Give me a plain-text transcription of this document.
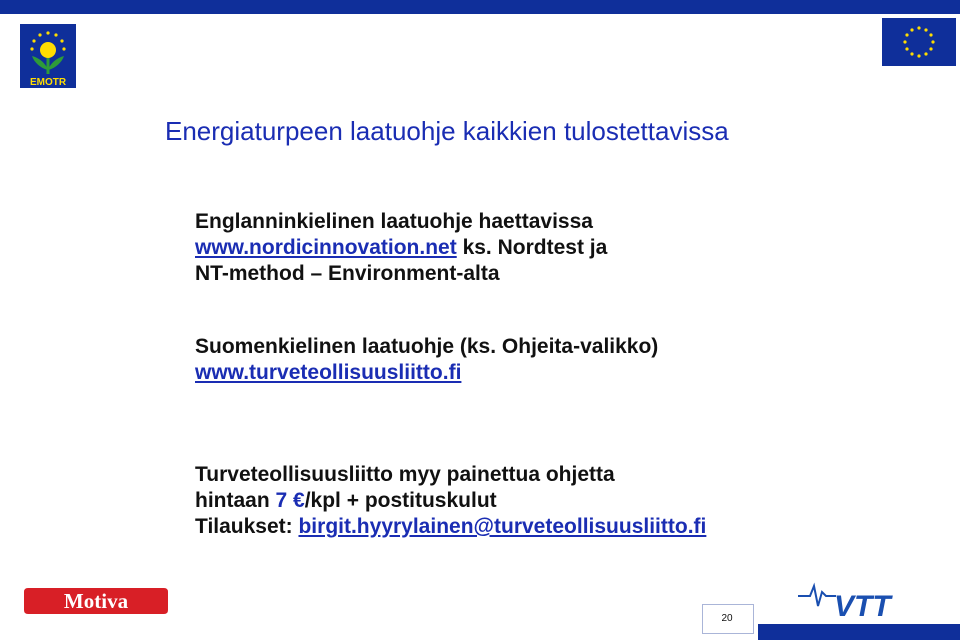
EMOTR
Energiaturpeen laatuohje kaikkien tulostettavissa
Englanninkielinen laatuohje haettavissa
www.nordicinnovation.net ks. Nordtest ja
NT-method – Environment-alta
Suomenkielinen laatuohje (ks. Ohjeita-valikko)
www.turveteollisuusliitto.fi
Turveteollisuusliitto myy painettua ohjetta
hintaan 7 €/kpl + postituskulut
Tilaukset: birgit.hyyrylainen@turveteollisuusliitto.fi
Motiva	VTT
20
